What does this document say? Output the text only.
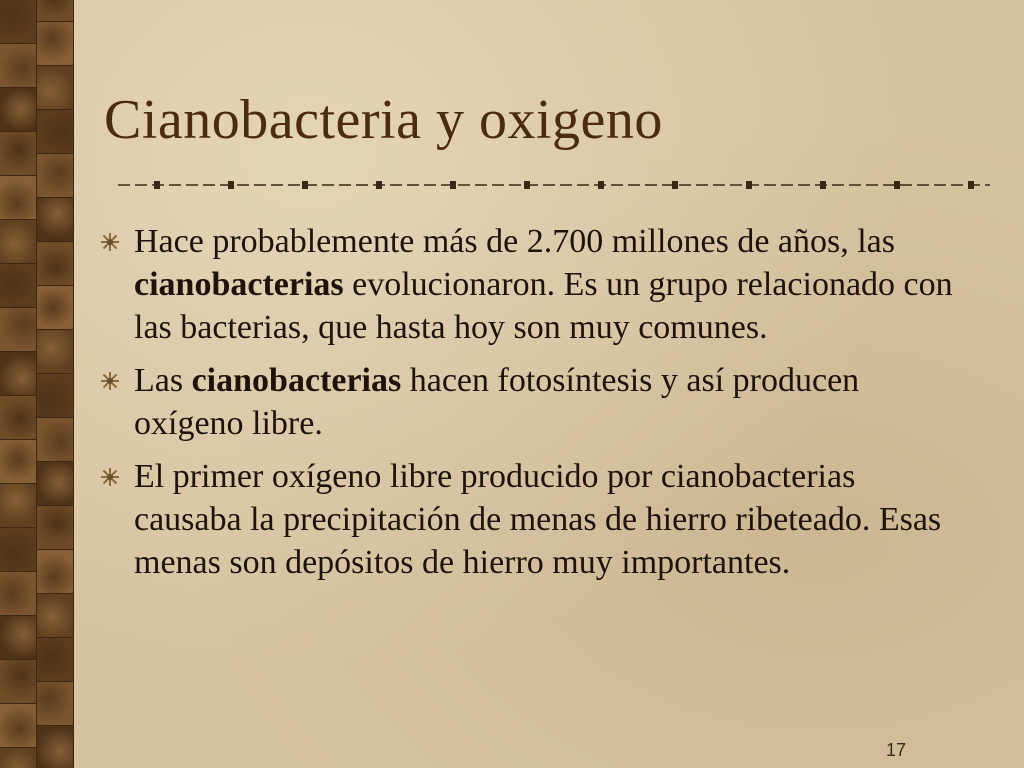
Cianobacteria y oxigeno
Hace probablemente más de 2.700 millones de años, las cianobacterias evolucionaron. Es un grupo relacionado con las bacterias, que hasta hoy son muy comunes.
Las cianobacterias hacen fotosíntesis y así producen oxígeno libre.
El primer oxígeno libre producido por cianobacterias causaba la precipitación de menas de hierro ribeteado. Esas menas son depósitos de hierro muy importantes.
17
